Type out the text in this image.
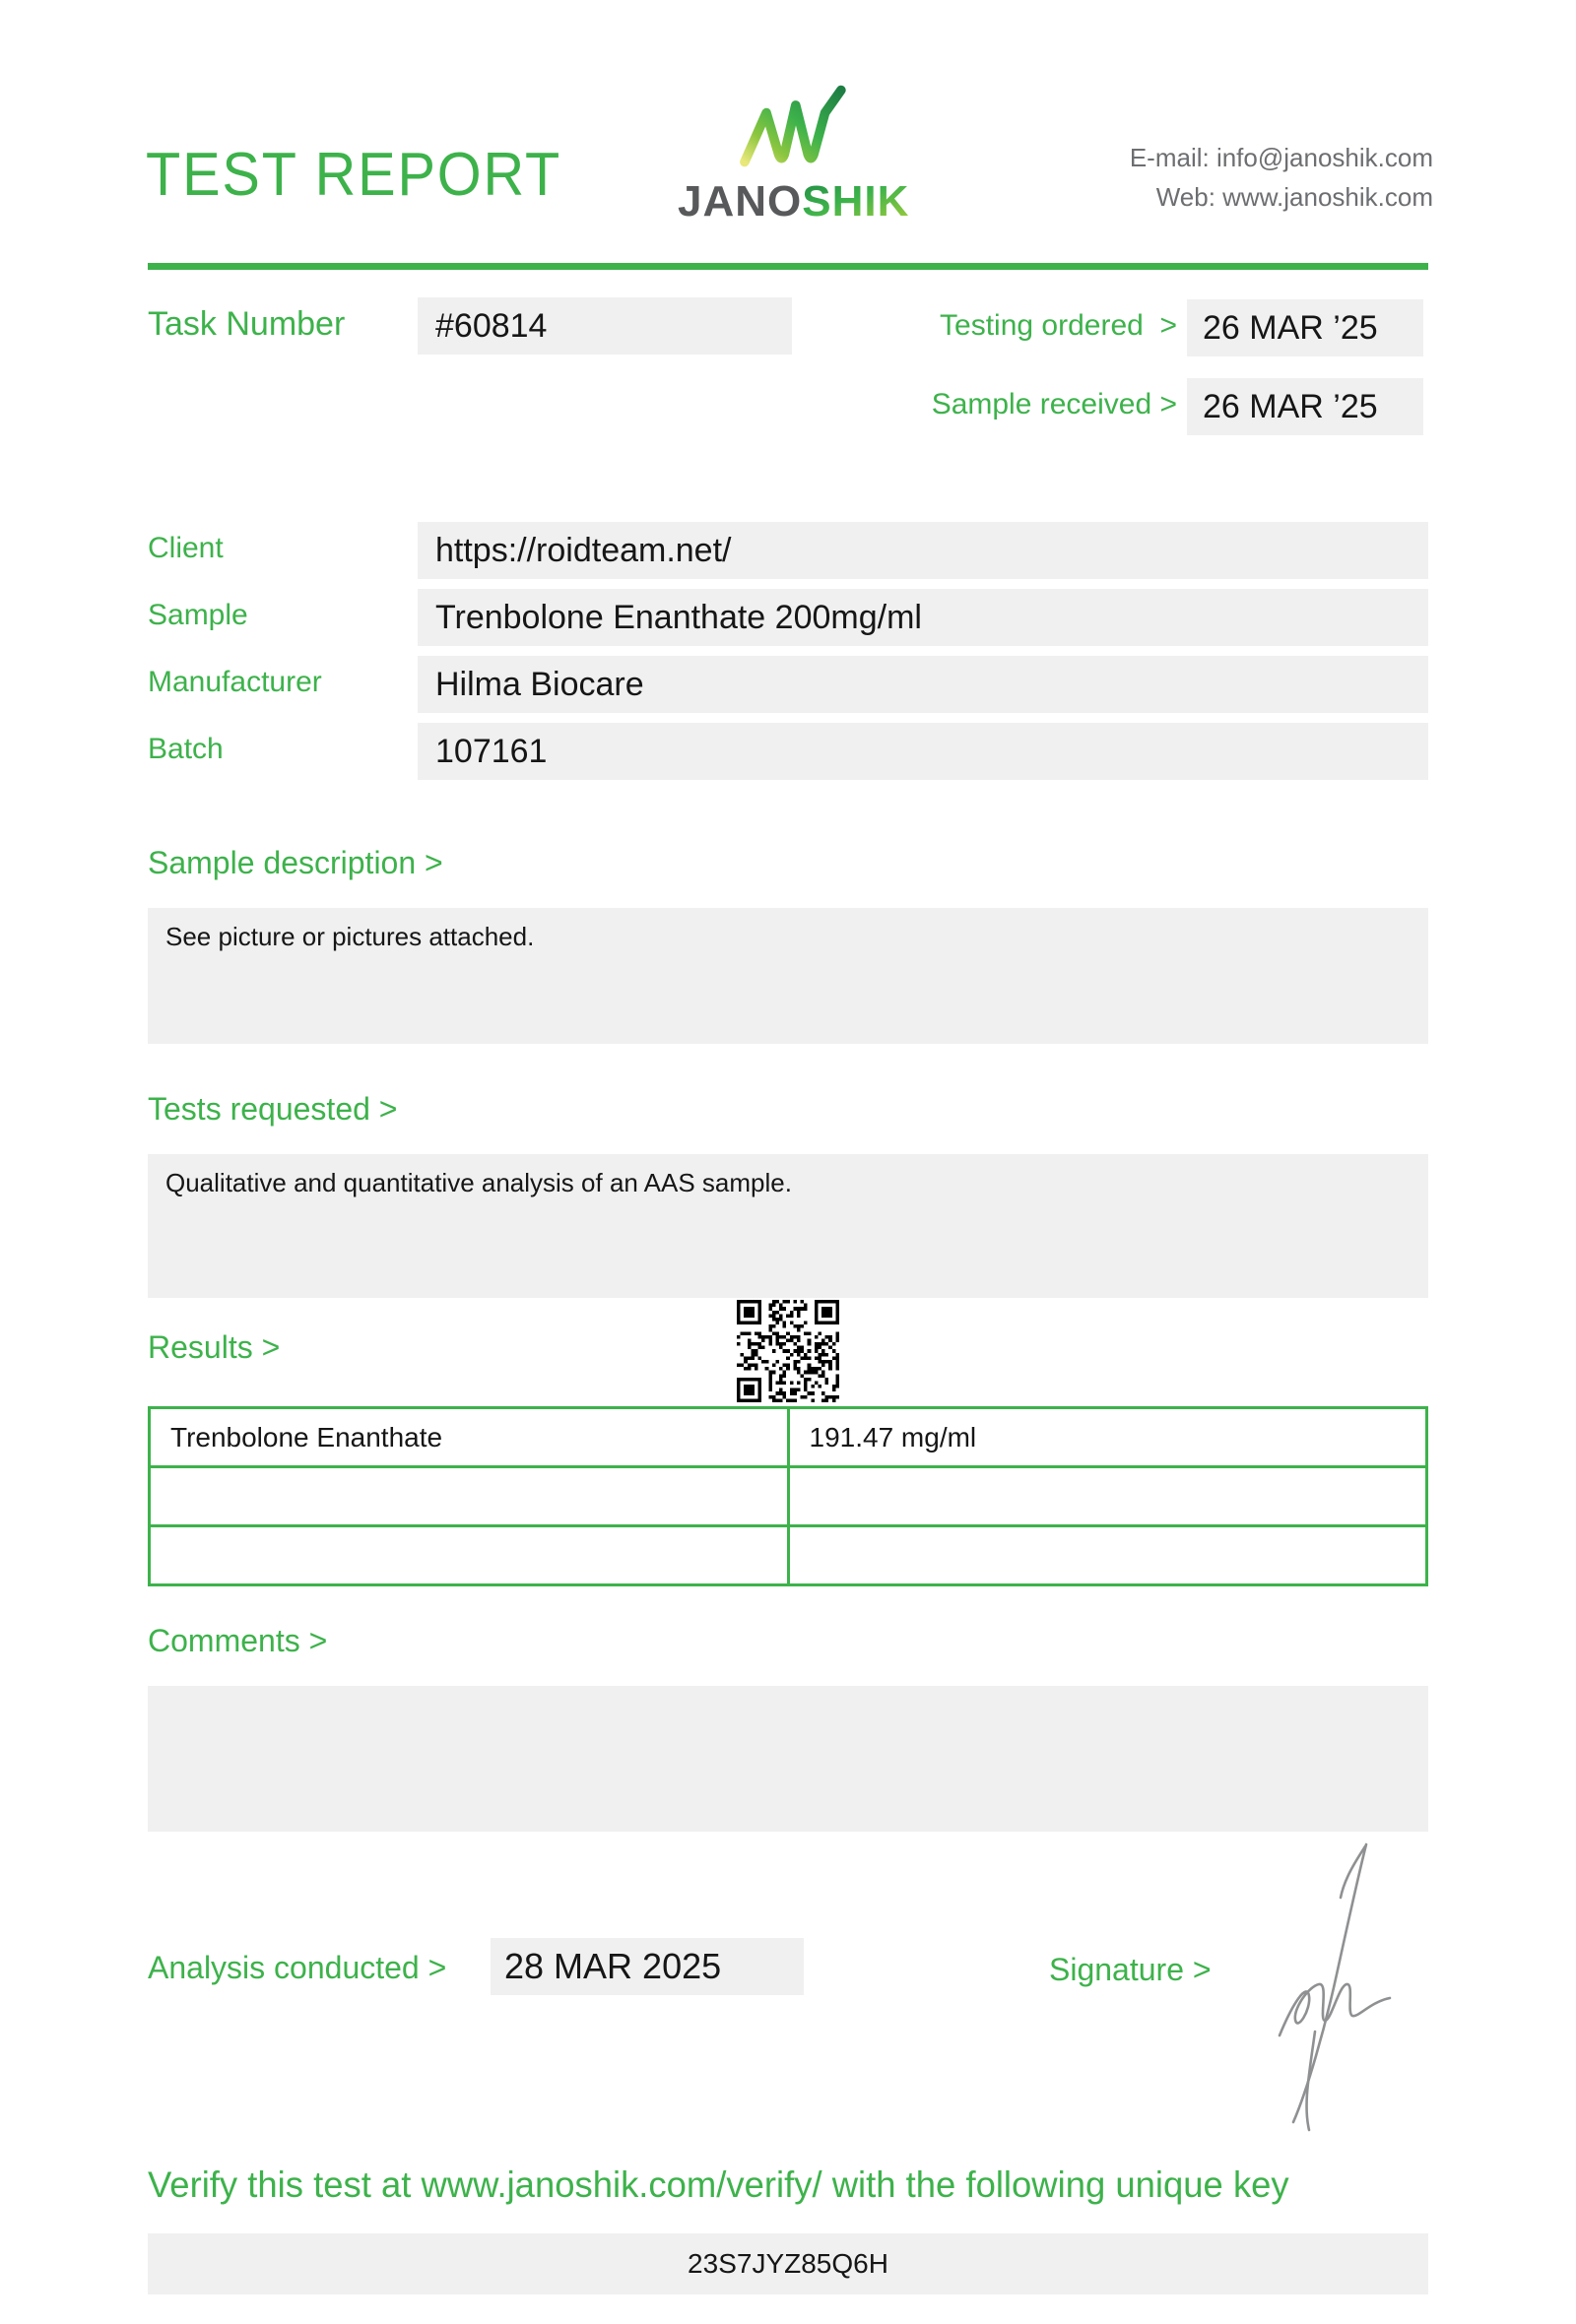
TEST REPORT	JANOSHIK
E-mail: info@janoshik.com
Web: www.janoshik.com
Task Number	#60814	Testing ordered  > 26 MAR ’25
Sample received > 26 MAR ’25
Client	https://roidteam.net/
Sample	Trenbolone Enanthate 200mg/ml
Manufacturer	Hilma Biocare
Batch	107161
Sample description >
See picture or pictures attached.
Tests requested >
Qualitative and quantitative analysis of an AAS sample.
Results >
Trenbolone Enanthate	191.47 mg/ml

Comments >
Analysis conducted >	28 MAR 2025	Signature >
Verify this test at www.janoshik.com/verify/ with the following unique key
23S7JYZ85Q6H
